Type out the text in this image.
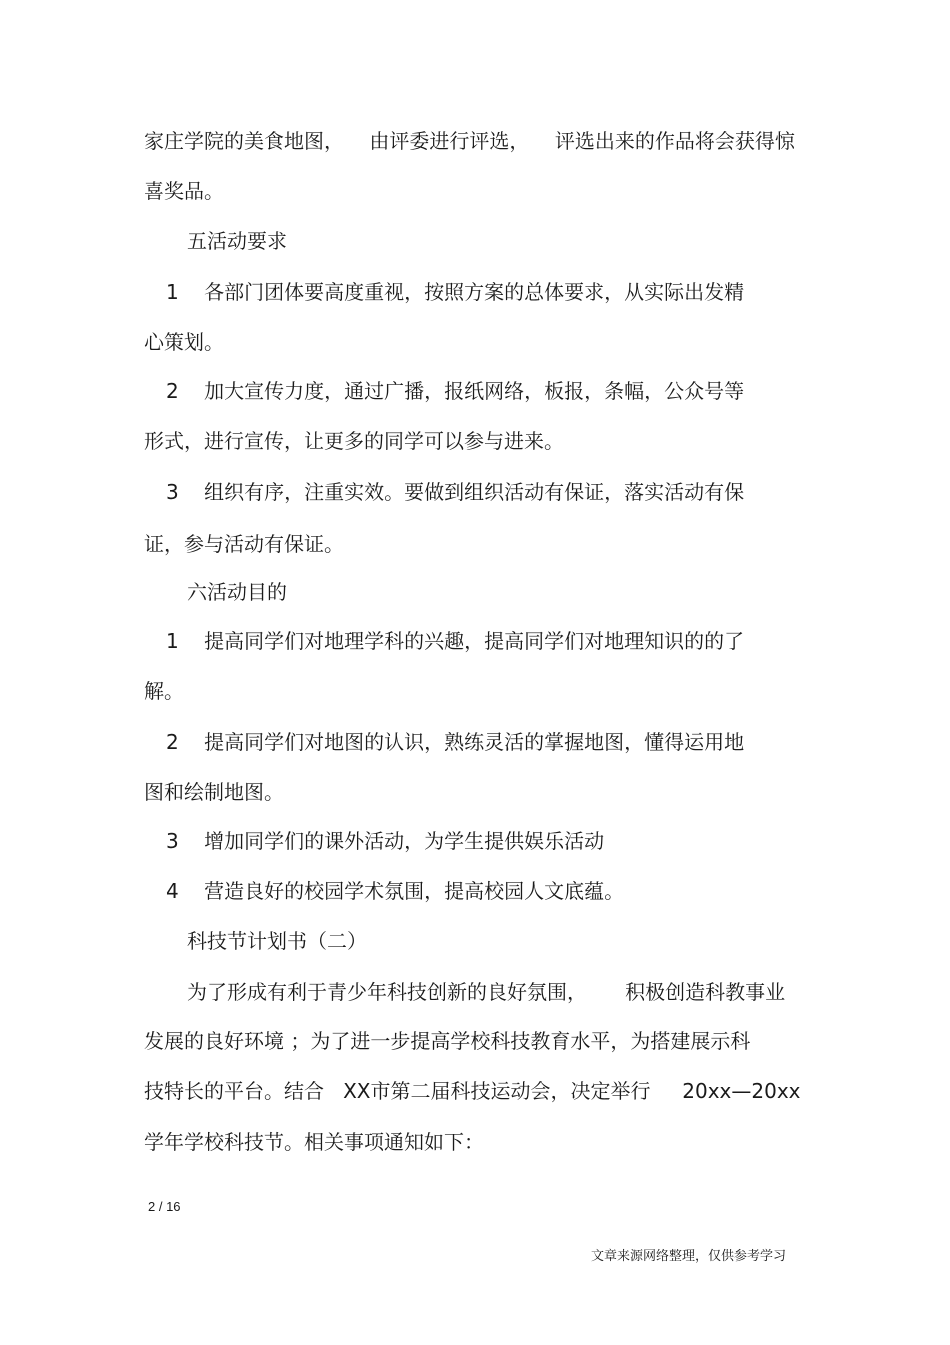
家庄学院的美食地图，    由评委进行评选，    评选出来的作品将会获得惊
喜奖品。
五活动要求
1    各部门团体要高度重视，按照方案的总体要求，从实际出发精
心策划。
2    加大宣传力度，通过广播，报纸网络，板报，条幅，公众号等
形式，进行宣传，让更多的同学可以参与进来。
3    组织有序，注重实效。要做到组织活动有保证，落实活动有保
证，参与活动有保证。
六活动目的
1    提高同学们对地理学科的兴趣，提高同学们对地理知识的的了
解。
2    提高同学们对地图的认识，熟练灵活的掌握地图，懂得运用地
图和绘制地图。
3    增加同学们的课外活动，为学生提供娱乐活动
4    营造良好的校园学术氛围，提高校园人文底蕴。
科技节计划书（二）
为了形成有利于青少年科技创新的良好氛围，      积极创造科教事业
发展的良好环境 ；为了进一步提高学校科技教育水平，为搭建展示科
技特长的平台。结合   XX市第二届科技运动会，决定举行     20xx—20xx
学年学校科技节。相关事项通知如下：
2 / 16
文章来源网络整理，仅供参考学习
